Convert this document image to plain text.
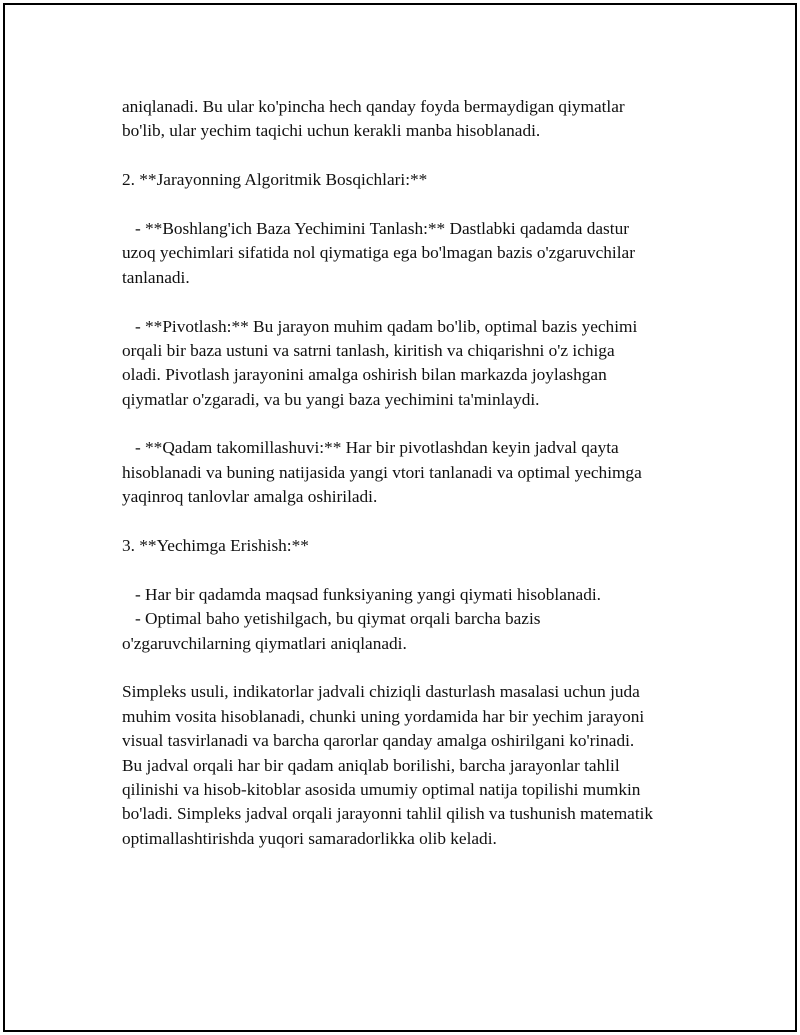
aniqlanadi. Bu ular ko'pincha hech qanday foyda bermaydigan qiymatlar
bo'lib, ular yechim taqichi uchun kerakli manba hisoblanadi.
2. **Jarayonning Algoritmik Bosqichlari:**
- **Boshlang'ich Baza Yechimini Tanlash:** Dastlabki qadamda dastur
uzoq yechimlari sifatida nol qiymatiga ega bo'lmagan bazis o'zgaruvchilar
tanlanadi.
- **Pivotlash:** Bu jarayon muhim qadam bo'lib, optimal bazis yechimi
orqali bir baza ustuni va satrni tanlash, kiritish va chiqarishni o'z ichiga
oladi. Pivotlash jarayonini amalga oshirish bilan markazda joylashgan
qiymatlar o'zgaradi, va bu yangi baza yechimini ta'minlaydi.
- **Qadam takomillashuvi:** Har bir pivotlashdan keyin jadval qayta
hisoblanadi va buning natijasida yangi vtori tanlanadi va optimal yechimga
yaqinroq tanlovlar amalga oshiriladi.
3. **Yechimga Erishish:**
- Har bir qadamda maqsad funksiyaning yangi qiymati hisoblanadi.
- Optimal baho yetishilgach, bu qiymat orqali barcha bazis
o'zgaruvchilarning qiymatlari aniqlanadi.
Simpleks usuli, indikatorlar jadvali chiziqli dasturlash masalasi uchun juda
muhim vosita hisoblanadi, chunki uning yordamida har bir yechim jarayoni
visual tasvirlanadi va barcha qarorlar qanday amalga oshirilgani ko'rinadi.
Bu jadval orqali har bir qadam aniqlab borilishi, barcha jarayonlar tahlil
qilinishi va hisob-kitoblar asosida umumiy optimal natija topilishi mumkin
bo'ladi. Simpleks jadval orqali jarayonni tahlil qilish va tushunish matematik
optimallashtirishda yuqori samaradorlikka olib keladi.
